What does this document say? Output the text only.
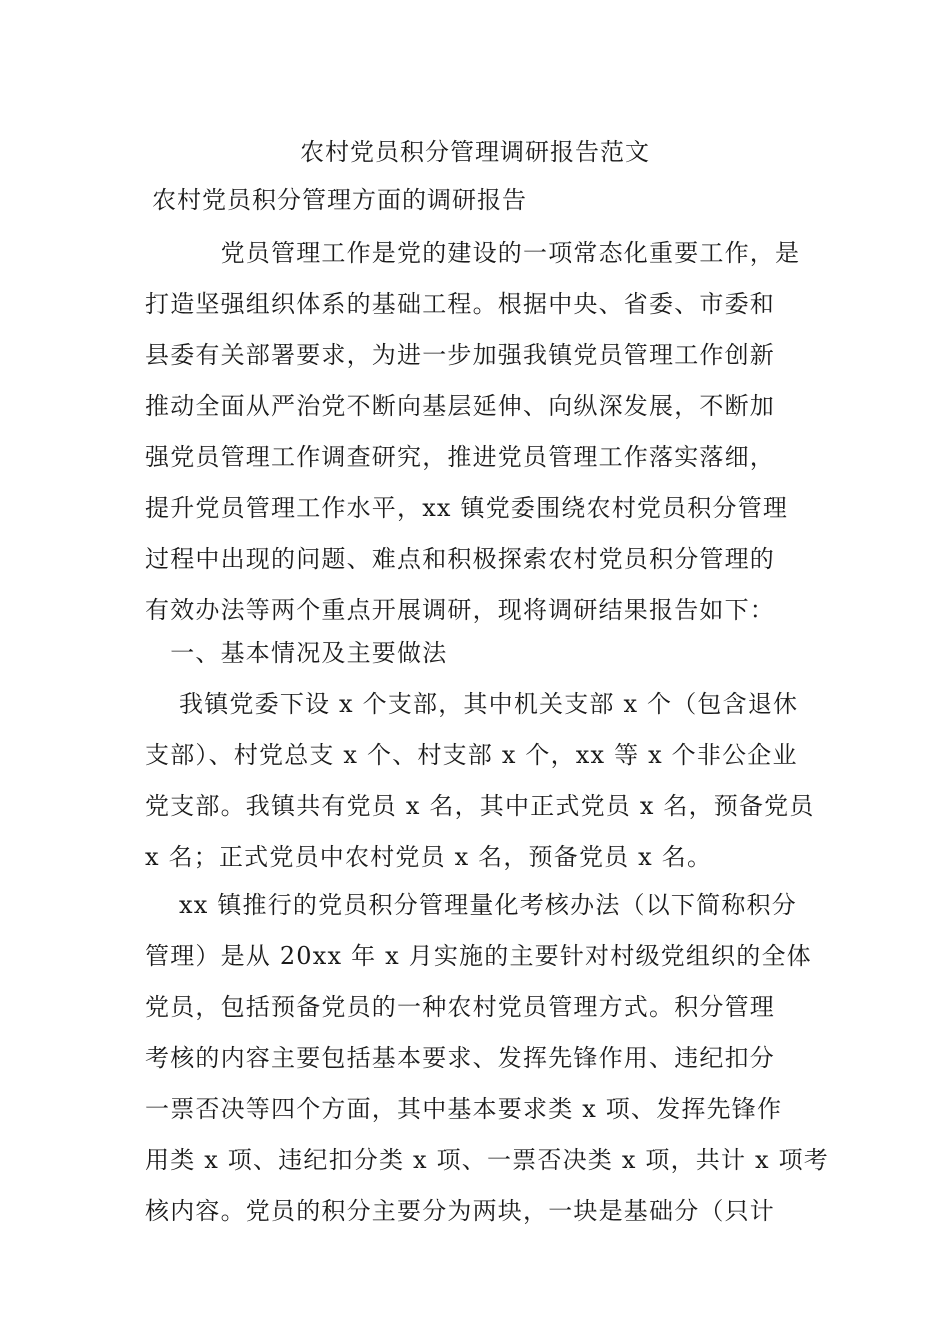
农村党员积分管理调研报告范文
农村党员积分管理方面的调研报告
　　　党员管理工作是党的建设的一项常态化重要工作，是
打造坚强组织体系的基础工程。根据中央、省委、市委和
县委有关部署要求，为进一步加强我镇党员管理工作创新
推动全面从严治党不断向基层延伸、向纵深发展，不断加
强党员管理工作调查研究，推进党员管理工作落实落细，
提升党员管理工作水平，xx 镇党委围绕农村党员积分管理
过程中出现的问题、难点和积极探索农村党员积分管理的
有效办法等两个重点开展调研，现将调研结果报告如下：
　一、基本情况及主要做法
　 我镇党委下设 x 个支部，其中机关支部 x 个（包含退休
支部）、村党总支 x 个、村支部 x 个，xx 等 x 个非公企业
党支部。我镇共有党员 x 名，其中正式党员 x 名，预备党员
x 名；正式党员中农村党员 x 名，预备党员 x 名。
　 xx 镇推行的党员积分管理量化考核办法（以下简称积分
管理）是从 20xx 年 x 月实施的主要针对村级党组织的全体
党员，包括预备党员的一种农村党员管理方式。积分管理
考核的内容主要包括基本要求、发挥先锋作用、违纪扣分
一票否决等四个方面，其中基本要求类 x 项、发挥先锋作
用类 x 项、违纪扣分类 x 项、一票否决类 x 项，共计 x 项考
核内容。党员的积分主要分为两块，一块是基础分（只计
